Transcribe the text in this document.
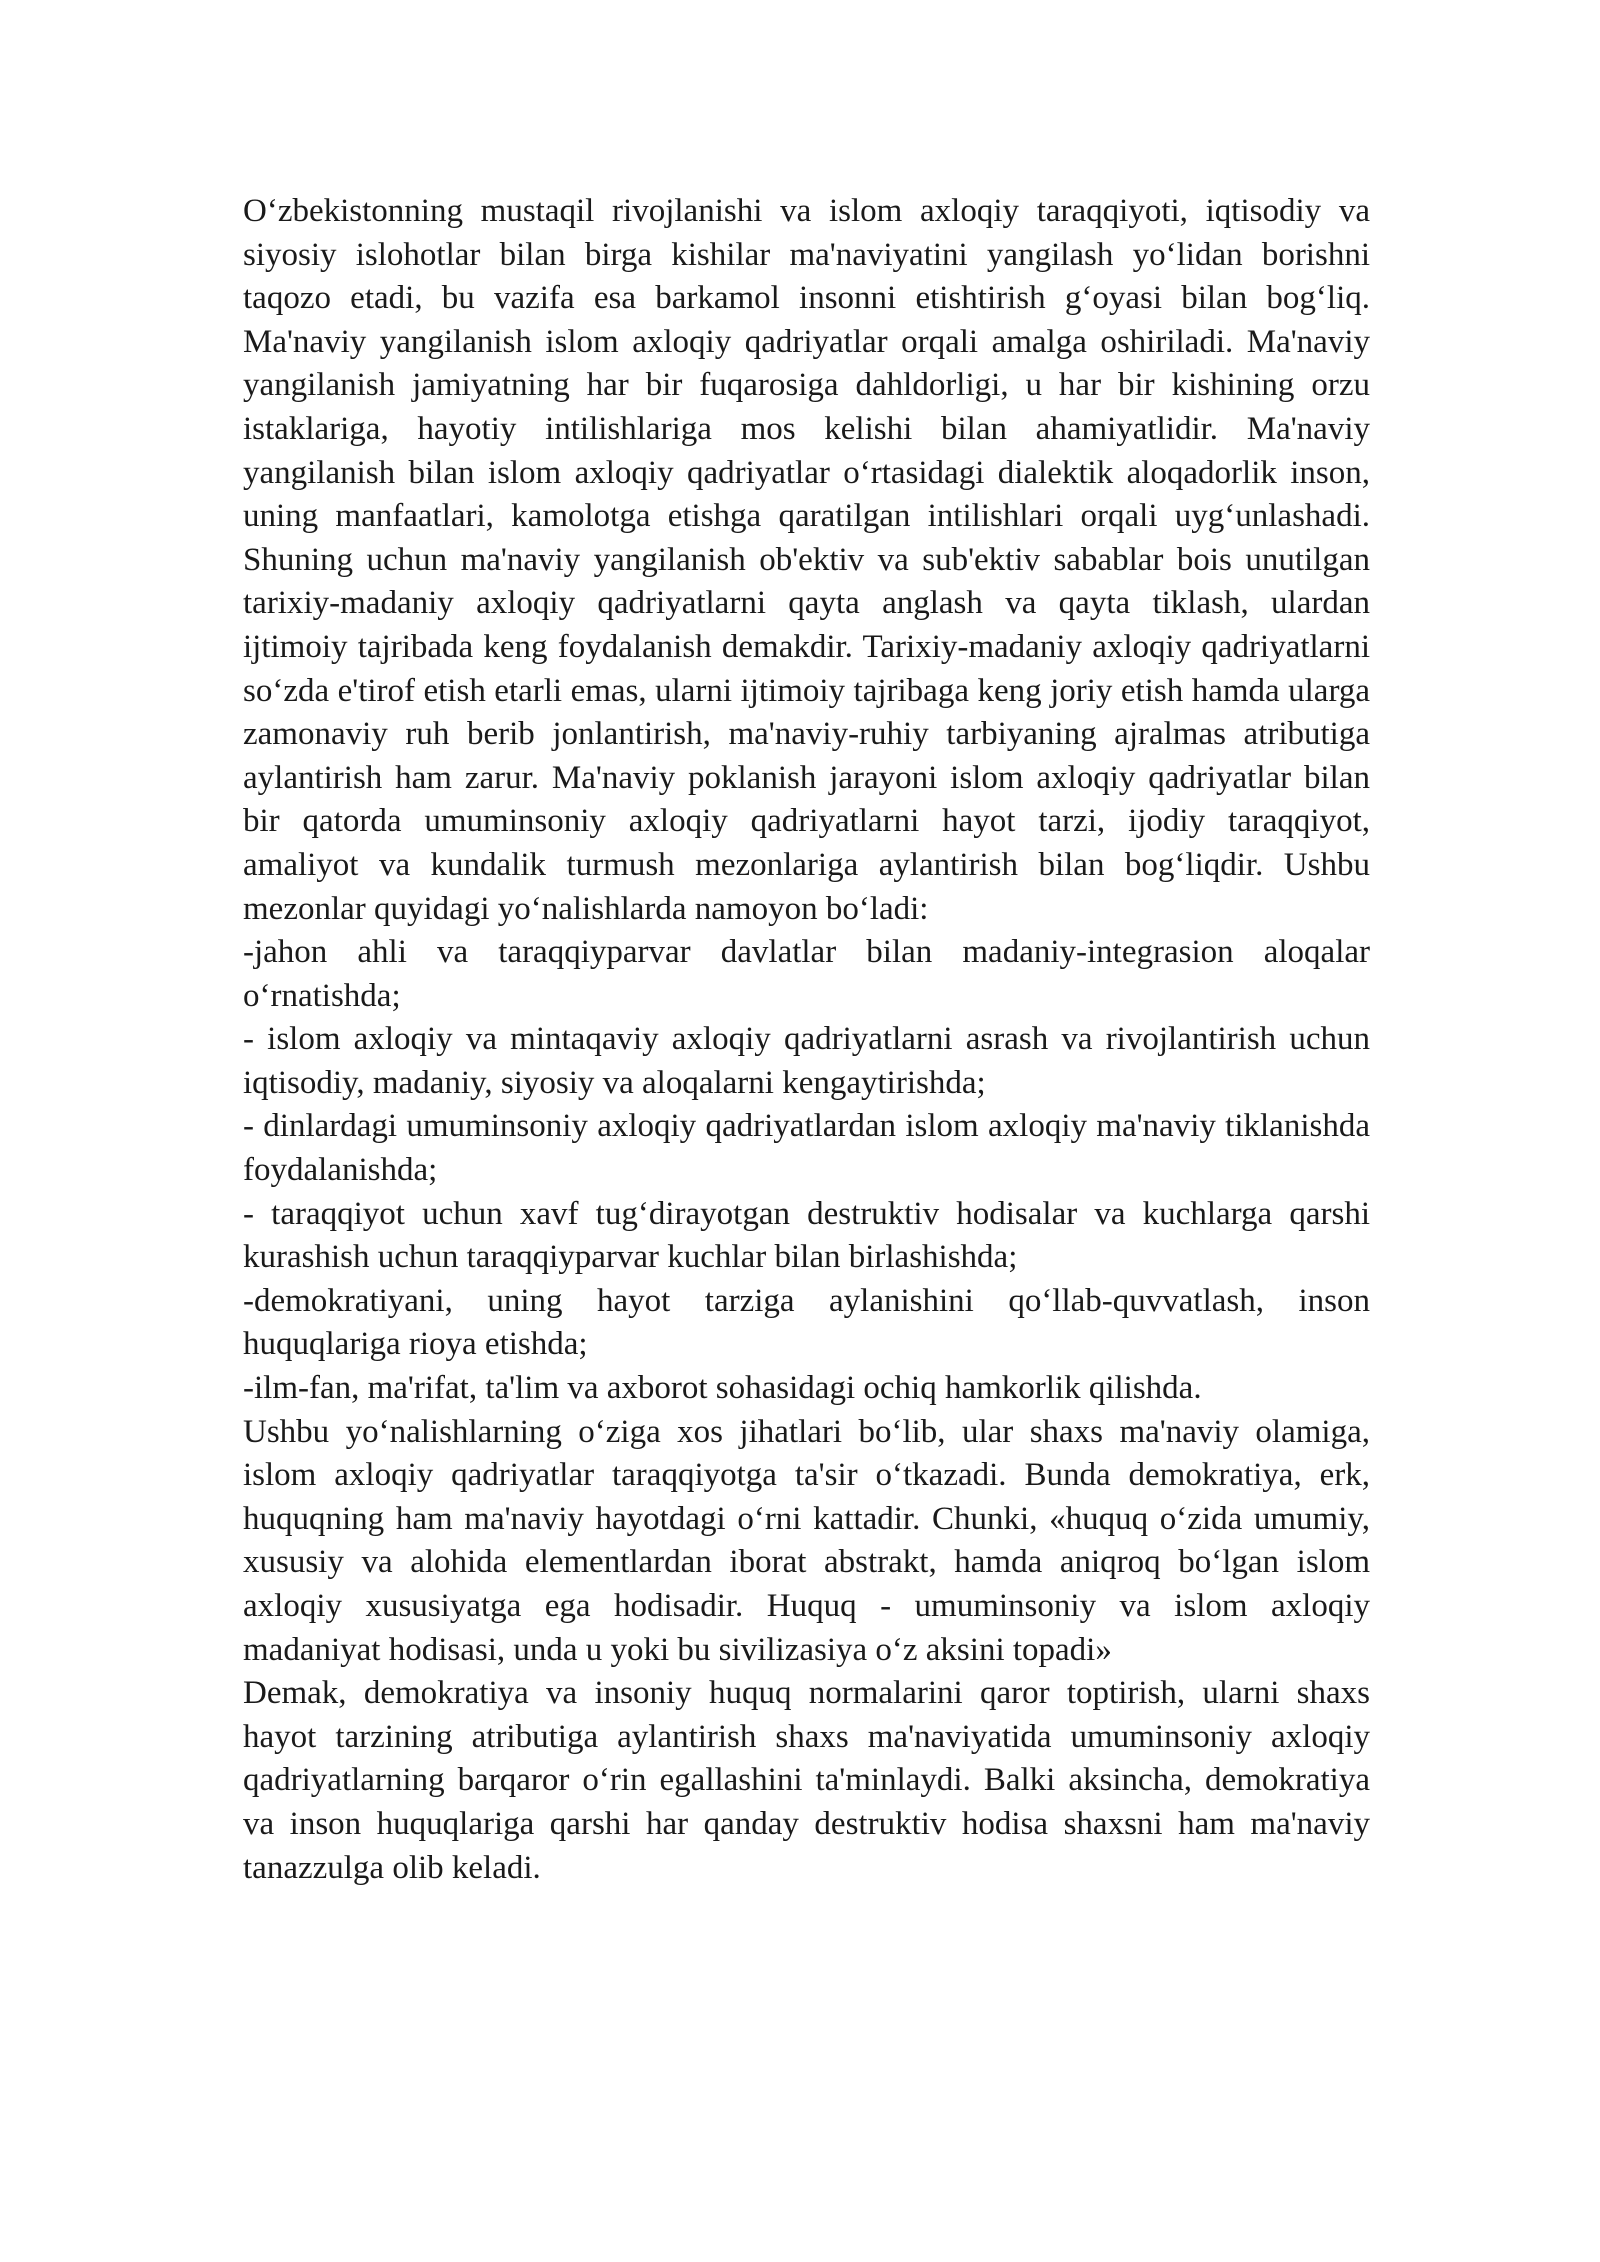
O‘zbekistonning mustaqil rivojlanishi va islom axloqiy taraqqiyoti, iqtisodiy va siyosiy islohotlar bilan birga kishilar ma'naviyatini yangilash yo‘lidan borishni taqozo etadi, bu vazifa esa barkamol insonni etishtirish g‘oyasi bilan bog‘liq. Ma'naviy yangilanish islom axloqiy qadriyatlar orqali amalga oshiriladi. Ma'naviy yangilanish jamiyatning har bir fuqarosiga dahldorligi, u har bir kishining orzu istaklariga, hayotiy intilishlariga mos kelishi bilan ahamiyatlidir. Ma'naviy yangilanish bilan islom axloqiy qadriyatlar o‘rtasidagi dialektik aloqadorlik inson, uning manfaatlari, kamolotga etishga qaratilgan intilishlari orqali uyg‘unlashadi. Shuning uchun ma'naviy yangilanish ob'ektiv va sub'ektiv sabablar bois unutilgan tarixiy-madaniy axloqiy qadriyatlarni qayta anglash va qayta tiklash, ulardan ijtimoiy tajribada keng foydalanish demakdir. Tarixiy-madaniy axloqiy qadriyatlarni so‘zda e'tirof etish etarli emas, ularni ijtimoiy tajribaga keng joriy etish hamda ularga zamonaviy ruh berib jonlantirish, ma'naviy-ruhiy tarbiyaning ajralmas atributiga aylantirish ham zarur. Ma'naviy poklanish jarayoni islom axloqiy qadriyatlar bilan bir qatorda umuminsoniy axloqiy qadriyatlarni hayot tarzi, ijodiy taraqqiyot, amaliyot va kundalik turmush mezonlariga aylantirish bilan bog‘liqdir. Ushbu mezonlar quyidagi yo‘nalishlarda namoyon bo‘ladi:

-jahon ahli va taraqqiyparvar davlatlar bilan madaniy-integrasion aloqalar o‘rnatishda;

- islom axloqiy va mintaqaviy axloqiy qadriyatlarni asrash va rivojlantirish uchun iqtisodiy, madaniy, siyosiy va aloqalarni kengaytirishda;

- dinlardagi umuminsoniy axloqiy qadriyatlardan islom axloqiy ma'naviy tiklanishda foydalanishda;

- taraqqiyot uchun xavf tug‘dirayotgan destruktiv hodisalar va kuchlarga qarshi kurashish uchun taraqqiyparvar kuchlar bilan birlashishda;

-demokratiyani, uning hayot tarziga aylanishini qo‘llab-quvvatlash, inson huquqlariga rioya etishda;

-ilm-fan, ma'rifat, ta'lim va axborot sohasidagi ochiq hamkorlik qilishda.

Ushbu yo‘nalishlarning o‘ziga xos jihatlari bo‘lib, ular shaxs ma'naviy olamiga, islom axloqiy qadriyatlar taraqqiyotga ta'sir o‘tkazadi. Bunda demokratiya, erk, huquqning ham ma'naviy hayotdagi o‘rni kattadir. Chunki, «huquq o‘zida umumiy, xususiy va alohida elementlardan iborat abstrakt, hamda aniqroq bo‘lgan islom axloqiy xususiyatga ega hodisadir. Huquq - umuminsoniy va islom axloqiy madaniyat hodisasi, unda u yoki bu sivilizasiya o‘z aksini topadi»

Demak, demokratiya va insoniy huquq normalarini qaror toptirish, ularni shaxs hayot tarzining atributiga aylantirish shaxs ma'naviyatida umuminsoniy axloqiy qadriyatlarning barqaror o‘rin egallashini ta'minlaydi. Balki aksincha, demokratiya va inson huquqlariga qarshi har qanday destruktiv hodisa shaxsni ham ma'naviy tanazzulga olib keladi.
